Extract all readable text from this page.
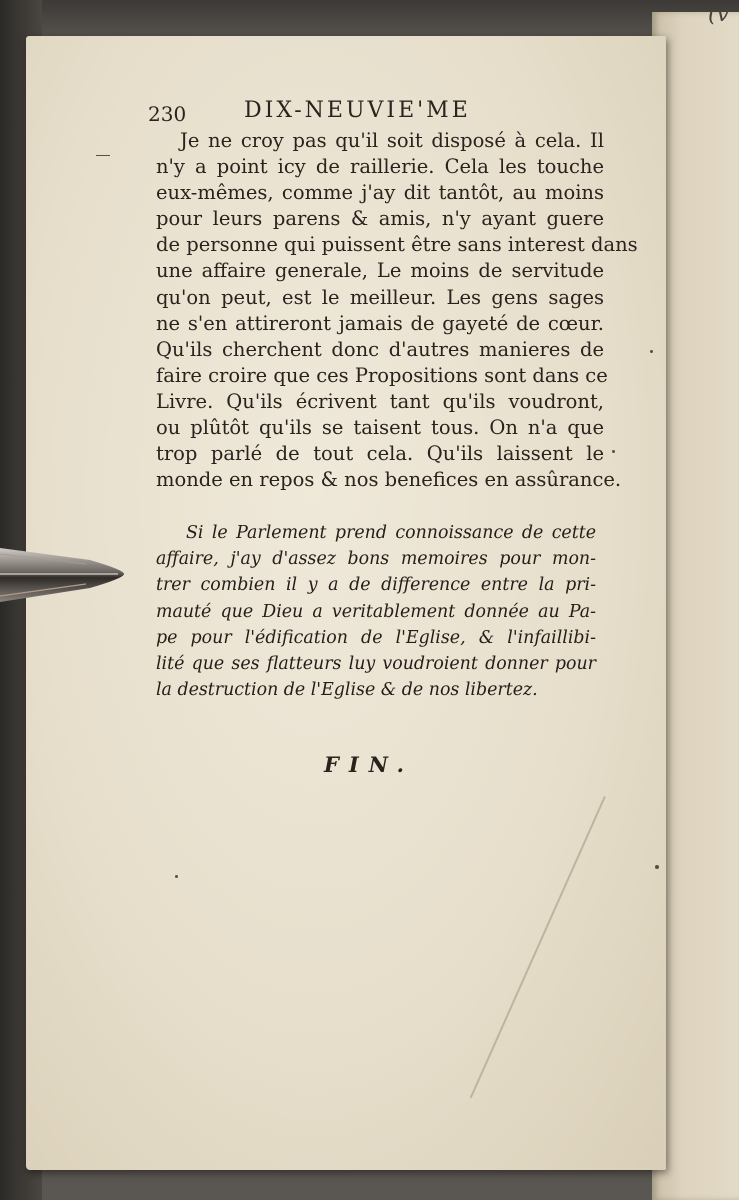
(v
230	DIX-NEUVIE'ME
Je ne croy pas qu'il soit disposé à cela. Il
n'y a point icy de raillerie. Cela les touche
eux-mêmes, comme j'ay dit tantôt, au moins
pour leurs parens & amis, n'y ayant guere
de personne qui puissent être sans interest dans
une affaire generale, Le moins de servitude
qu'on peut, est le meilleur. Les gens sages
ne s'en attireront jamais de gayeté de cœur.
Qu'ils cherchent donc d'autres manieres de
faire croire que ces Propositions sont dans ce
Livre. Qu'ils écrivent tant qu'ils voudront,
ou plûtôt qu'ils se taisent tous. On n'a que
trop parlé de tout cela. Qu'ils laissent le
monde en repos & nos benefices en assûrance.
Si le Parlement prend connoissance de cette
affaire, j'ay d'assez bons memoires pour mon-
trer combien il y a de difference entre la pri-
mauté que Dieu a veritablement donnée au Pa-
pe pour l'édification de l'Eglise, & l'infaillibi-
lité que ses flatteurs luy voudroient donner pour
la destruction de l'Eglise & de nos libertez.
FIN.
